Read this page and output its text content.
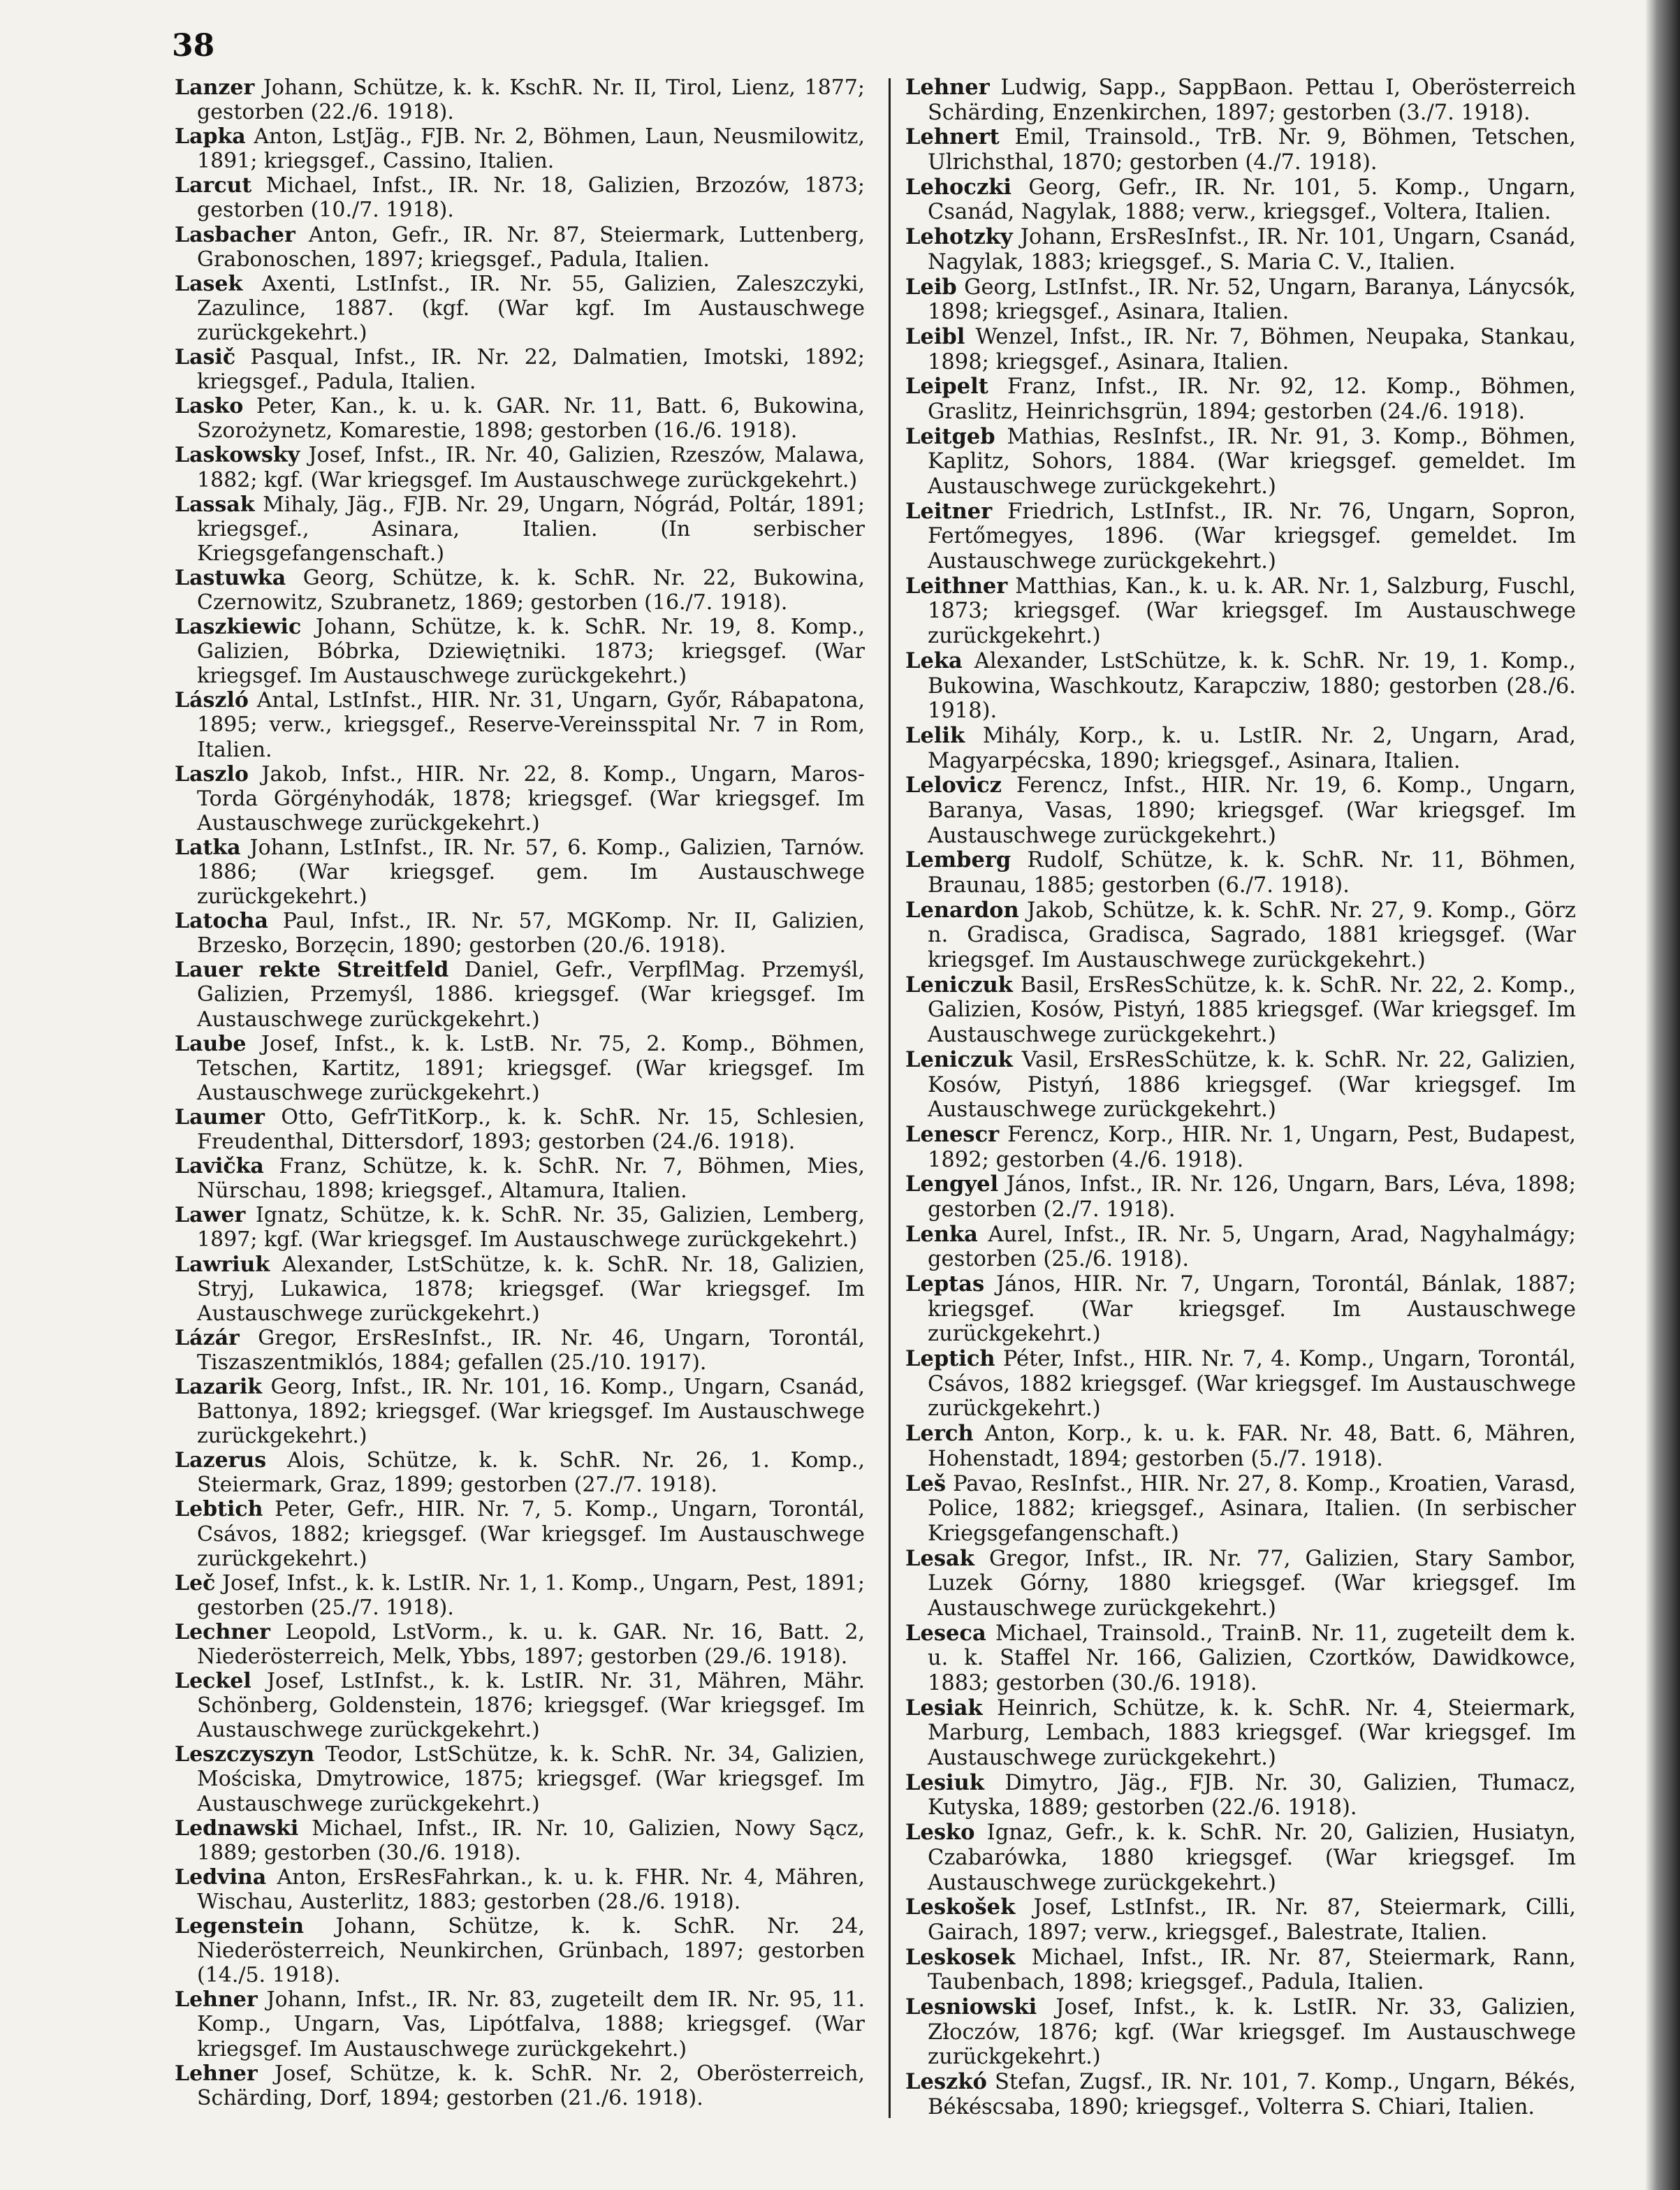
38

Lanzer Johann, Schütze, k. k. KschR. Nr. II, Tirol, Lienz, 1877; gestorben (22./6. 1918).

Lapka Anton, LstJäg., FJB. Nr. 2, Böhmen, Laun, Neusmilowitz, 1891; kriegsgef., Cassino, Italien.

Larcut Michael, Infst., IR. Nr. 18, Galizien, Brzozów, 1873; gestorben (10./7. 1918).

Lasbacher Anton, Gefr., IR. Nr. 87, Steiermark, Luttenberg, Grabonoschen, 1897; kriegsgef., Padula, Italien.

Lasek Axenti, LstInfst., IR. Nr. 55, Galizien, Zaleszczyki, Zazulince, 1887. (kgf. (War kgf. Im Austauschwege zurückgekehrt.)

Lasič Pasqual, Infst., IR. Nr. 22, Dalmatien, Imotski, 1892; kriegsgef., Padula, Italien.

Lasko Peter, Kan., k. u. k. GAR. Nr. 11, Batt. 6, Bukowina, Szorożynetz, Komarestie, 1898; gestorben (16./6. 1918).

Laskowsky Josef, Infst., IR. Nr. 40, Galizien, Rzeszów, Malawa, 1882; kgf. (War kriegsgef. Im Austauschwege zurückgekehrt.)

Lassak Mihaly, Jäg., FJB. Nr. 29, Ungarn, Nógrád, Poltár, 1891; kriegsgef., Asinara, Italien. (In serbischer Kriegsgefangenschaft.)

Lastuwka Georg, Schütze, k. k. SchR. Nr. 22, Bukowina, Czernowitz, Szubranetz, 1869; gestorben (16./7. 1918).

Laszkiewic Johann, Schütze, k. k. SchR. Nr. 19, 8. Komp., Galizien, Bóbrka, Dziewiętniki. 1873; kriegsgef. (War kriegsgef. Im Austauschwege zurückgekehrt.)

László Antal, LstInfst., HIR. Nr. 31, Ungarn, Győr, Rábapatona, 1895; verw., kriegsgef., Reserve-Vereinsspital Nr. 7 in Rom, Italien.

Laszlo Jakob, Infst., HIR. Nr. 22, 8. Komp., Ungarn, Maros-Torda Görgényhodák, 1878; kriegsgef. (War kriegsgef. Im Austauschwege zurückgekehrt.)

Latka Johann, LstInfst., IR. Nr. 57, 6. Komp., Galizien, Tarnów. 1886; (War kriegsgef. gem. Im Austauschwege zurückgekehrt.)

Latocha Paul, Infst., IR. Nr. 57, MGKomp. Nr. II, Galizien, Brzesko, Borzęcin, 1890; gestorben (20./6. 1918).

Lauer rekte Streitfeld Daniel, Gefr., VerpflMag. Przemyśl, Galizien, Przemyśl, 1886. kriegsgef. (War kriegsgef. Im Austauschwege zurückgekehrt.)

Laube Josef, Infst., k. k. LstB. Nr. 75, 2. Komp., Böhmen, Tetschen, Kartitz, 1891; kriegsgef. (War kriegsgef. Im Austauschwege zurückgekehrt.)

Laumer Otto, GefrTitKorp., k. k. SchR. Nr. 15, Schlesien, Freudenthal, Dittersdorf, 1893; gestorben (24./6. 1918).

Lavička Franz, Schütze, k. k. SchR. Nr. 7, Böhmen, Mies, Nürschau, 1898; kriegsgef., Altamura, Italien.

Lawer Ignatz, Schütze, k. k. SchR. Nr. 35, Galizien, Lemberg, 1897; kgf. (War kriegsgef. Im Austauschwege zurückgekehrt.)

Lawriuk Alexander, LstSchütze, k. k. SchR. Nr. 18, Galizien, Stryj, Lukawica, 1878; kriegsgef. (War kriegsgef. Im Austauschwege zurückgekehrt.)

Lázár Gregor, ErsResInfst., IR. Nr. 46, Ungarn, Torontál, Tiszaszentmiklós, 1884; gefallen (25./10. 1917).

Lazarik Georg, Infst., IR. Nr. 101, 16. Komp., Ungarn, Csanád, Battonya, 1892; kriegsgef. (War kriegsgef. Im Austauschwege zurückgekehrt.)

Lazerus Alois, Schütze, k. k. SchR. Nr. 26, 1. Komp., Steiermark, Graz, 1899; gestorben (27./7. 1918).

Lebtich Peter, Gefr., HIR. Nr. 7, 5. Komp., Ungarn, Torontál, Csávos, 1882; kriegsgef. (War kriegsgef. Im Austauschwege zurückgekehrt.)

Leč Josef, Infst., k. k. LstIR. Nr. 1, 1. Komp., Ungarn, Pest, 1891; gestorben (25./7. 1918).

Lechner Leopold, LstVorm., k. u. k. GAR. Nr. 16, Batt. 2, Niederösterreich, Melk, Ybbs, 1897; gestorben (29./6. 1918).

Leckel Josef, LstInfst., k. k. LstIR. Nr. 31, Mähren, Mähr. Schönberg, Goldenstein, 1876; kriegsgef. (War kriegsgef. Im Austauschwege zurückgekehrt.)

Leszczyszyn Teodor, LstSchütze, k. k. SchR. Nr. 34, Galizien, Mościska, Dmytrowice, 1875; kriegsgef. (War kriegsgef. Im Austauschwege zurückgekehrt.)

Lednawski Michael, Infst., IR. Nr. 10, Galizien, Nowy Sącz, 1889; gestorben (30./6. 1918).

Ledvina Anton, ErsResFahrkan., k. u. k. FHR. Nr. 4, Mähren, Wischau, Austerlitz, 1883; gestorben (28./6. 1918).

Legenstein Johann, Schütze, k. k. SchR. Nr. 24, Niederösterreich, Neunkirchen, Grünbach, 1897; gestorben (14./5. 1918).

Lehner Johann, Infst., IR. Nr. 83, zugeteilt dem IR. Nr. 95, 11. Komp., Ungarn, Vas, Lipótfalva, 1888; kriegsgef. (War kriegsgef. Im Austauschwege zurückgekehrt.)

Lehner Josef, Schütze, k. k. SchR. Nr. 2, Oberösterreich, Schärding, Dorf, 1894; gestorben (21./6. 1918).

Lehner Ludwig, Sapp., SappBaon. Pettau I, Oberösterreich Schärding, Enzenkirchen, 1897; gestorben (3./7. 1918).

Lehnert Emil, Trainsold., TrB. Nr. 9, Böhmen, Tetschen, Ulrichsthal, 1870; gestorben (4./7. 1918).

Lehoczki Georg, Gefr., IR. Nr. 101, 5. Komp., Ungarn, Csanád, Nagylak, 1888; verw., kriegsgef., Voltera, Italien.

Lehotzky Johann, ErsResInfst., IR. Nr. 101, Ungarn, Csanád, Nagylak, 1883; kriegsgef., S. Maria C. V., Italien.

Leib Georg, LstInfst., IR. Nr. 52, Ungarn, Baranya, Lánycsók, 1898; kriegsgef., Asinara, Italien.

Leibl Wenzel, Infst., IR. Nr. 7, Böhmen, Neupaka, Stankau, 1898; kriegsgef., Asinara, Italien.

Leipelt Franz, Infst., IR. Nr. 92, 12. Komp., Böhmen, Graslitz, Heinrichsgrün, 1894; gestorben (24./6. 1918).

Leitgeb Mathias, ResInfst., IR. Nr. 91, 3. Komp., Böhmen, Kaplitz, Sohors, 1884. (War kriegsgef. gemeldet. Im Austauschwege zurückgekehrt.)

Leitner Friedrich, LstInfst., IR. Nr. 76, Ungarn, Sopron, Fertőmegyes, 1896. (War kriegsgef. gemeldet. Im Austauschwege zurückgekehrt.)

Leithner Matthias, Kan., k. u. k. AR. Nr. 1, Salzburg, Fuschl, 1873; kriegsgef. (War kriegsgef. Im Austauschwege zurückgekehrt.)

Leka Alexander, LstSchütze, k. k. SchR. Nr. 19, 1. Komp., Bukowina, Waschkoutz, Karapcziw, 1880; gestorben (28./6. 1918).

Lelik Mihály, Korp., k. u. LstIR. Nr. 2, Ungarn, Arad, Magyarpécska, 1890; kriegsgef., Asinara, Italien.

Lelovicz Ferencz, Infst., HIR. Nr. 19, 6. Komp., Ungarn, Baranya, Vasas, 1890; kriegsgef. (War kriegsgef. Im Austauschwege zurückgekehrt.)

Lemberg Rudolf, Schütze, k. k. SchR. Nr. 11, Böhmen, Braunau, 1885; gestorben (6./7. 1918).

Lenardon Jakob, Schütze, k. k. SchR. Nr. 27, 9. Komp., Görz n. Gradisca, Gradisca, Sagrado, 1881 kriegsgef. (War kriegsgef. Im Austauschwege zurückgekehrt.)

Leniczuk Basil, ErsResSchütze, k. k. SchR. Nr. 22, 2. Komp., Galizien, Kosów, Pistyń, 1885 kriegsgef. (War kriegsgef. Im Austauschwege zurückgekehrt.)

Leniczuk Vasil, ErsResSchütze, k. k. SchR. Nr. 22, Galizien, Kosów, Pistyń, 1886 kriegsgef. (War kriegsgef. Im Austauschwege zurückgekehrt.)

Lenescr Ferencz, Korp., HIR. Nr. 1, Ungarn, Pest, Budapest, 1892; gestorben (4./6. 1918).

Lengyel János, Infst., IR. Nr. 126, Ungarn, Bars, Léva, 1898; gestorben (2./7. 1918).

Lenka Aurel, Infst., IR. Nr. 5, Ungarn, Arad, Nagyhalmágy; gestorben (25./6. 1918).

Leptas János, HIR. Nr. 7, Ungarn, Torontál, Bánlak, 1887; kriegsgef. (War kriegsgef. Im Austauschwege zurückgekehrt.)

Leptich Péter, Infst., HIR. Nr. 7, 4. Komp., Ungarn, Torontál, Csávos, 1882 kriegsgef. (War kriegsgef. Im Austauschwege zurückgekehrt.)

Lerch Anton, Korp., k. u. k. FAR. Nr. 48, Batt. 6, Mähren, Hohenstadt, 1894; gestorben (5./7. 1918).

Leš Pavao, ResInfst., HIR. Nr. 27, 8. Komp., Kroatien, Varasd, Police, 1882; kriegsgef., Asinara, Italien. (In serbischer Kriegsgefangenschaft.)

Lesak Gregor, Infst., IR. Nr. 77, Galizien, Stary Sambor, Luzek Górny, 1880 kriegsgef. (War kriegsgef. Im Austauschwege zurückgekehrt.)

Leseca Michael, Trainsold., TrainB. Nr. 11, zugeteilt dem k. u. k. Staffel Nr. 166, Galizien, Czortków, Dawidkowce, 1883; gestorben (30./6. 1918).

Lesiak Heinrich, Schütze, k. k. SchR. Nr. 4, Steiermark, Marburg, Lembach, 1883 kriegsgef. (War kriegsgef. Im Austauschwege zurückgekehrt.)

Lesiuk Dimytro, Jäg., FJB. Nr. 30, Galizien, Tłumacz, Kutyska, 1889; gestorben (22./6. 1918).

Lesko Ignaz, Gefr., k. k. SchR. Nr. 20, Galizien, Husiatyn, Czabarówka, 1880 kriegsgef. (War kriegsgef. Im Austauschwege zurückgekehrt.)

Leskošek Josef, LstInfst., IR. Nr. 87, Steiermark, Cilli, Gairach, 1897; verw., kriegsgef., Balestrate, Italien.

Leskosek Michael, Infst., IR. Nr. 87, Steiermark, Rann, Taubenbach, 1898; kriegsgef., Padula, Italien.

Lesniowski Josef, Infst., k. k. LstIR. Nr. 33, Galizien, Złoczów, 1876; kgf. (War kriegsgef. Im Austauschwege zurückgekehrt.)

Leszkó Stefan, Zugsf., IR. Nr. 101, 7. Komp., Ungarn, Békés, Békéscsaba, 1890; kriegsgef., Volterra S. Chiari, Italien.
